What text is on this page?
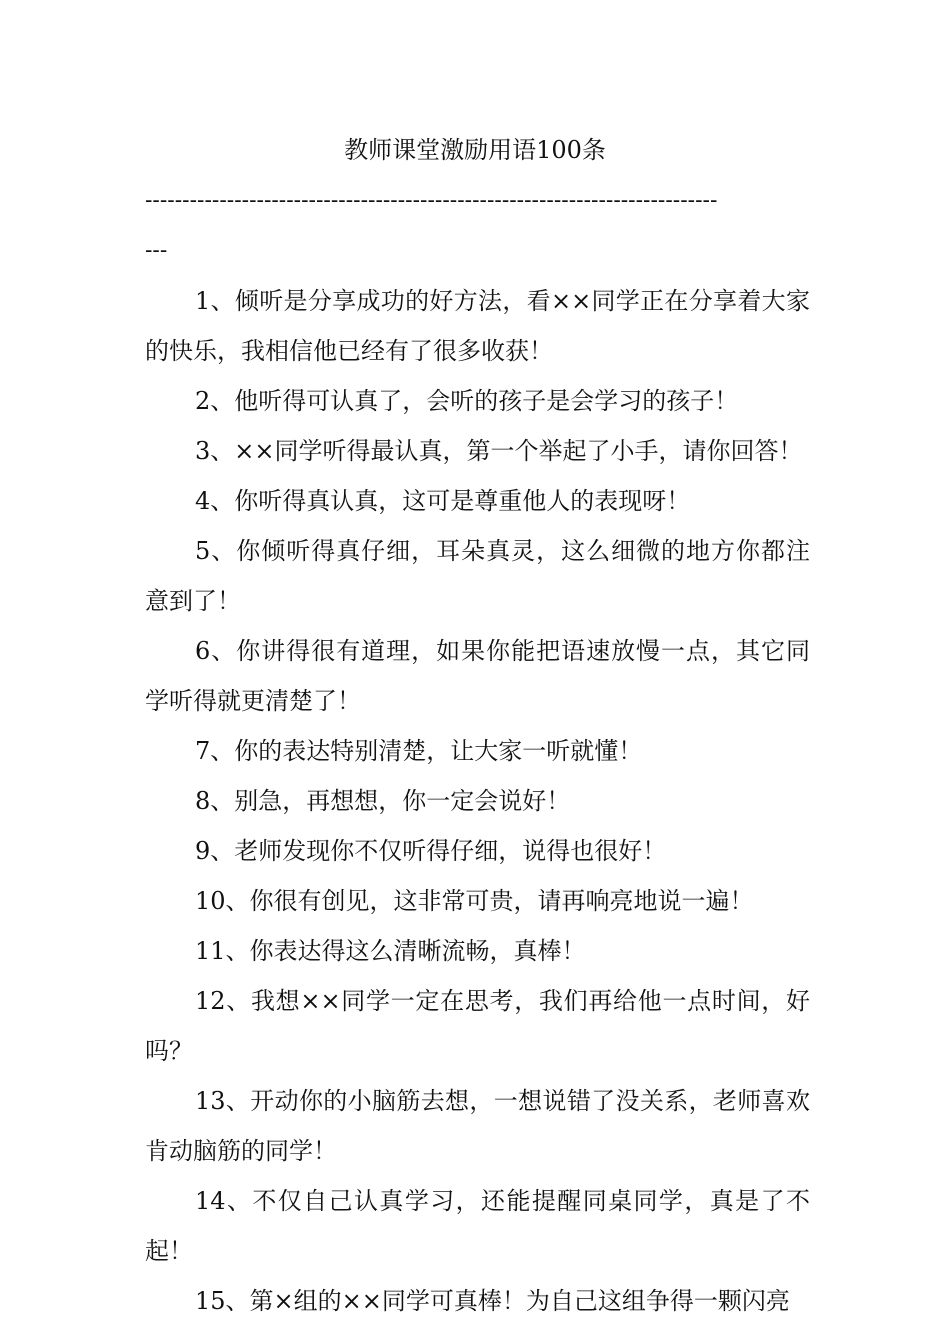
教师课堂激励用语100条
-----------------------------------------------------------------------------
---

1、倾听是分享成功的好方法，看××同学正在分享着大家的快乐，我相信他已经有了很多收获！

2、他听得可认真了，会听的孩子是会学习的孩子！

3、××同学听得最认真，第一个举起了小手，请你回答！

4、你听得真认真，这可是尊重他人的表现呀！

5、你倾听得真仔细，耳朵真灵，这么细微的地方你都注意到了！

6、你讲得很有道理，如果你能把语速放慢一点，其它同学听得就更清楚了！

7、你的表达特别清楚，让大家一听就懂！

8、别急，再想想，你一定会说好！

9、老师发现你不仅听得仔细，说得也很好！

10、你很有创见，这非常可贵，请再响亮地说一遍！

11、你表达得这么清晰流畅，真棒！

12、我想××同学一定在思考，我们再给他一点时间，好吗？

13、开动你的小脑筋去想，一想说错了没关系，老师喜欢肯动脑筋的同学！

14、不仅自己认真学习，还能提醒同桌同学，真是了不起！

15、第×组的××同学可真棒！为自己这组争得一颗闪亮
